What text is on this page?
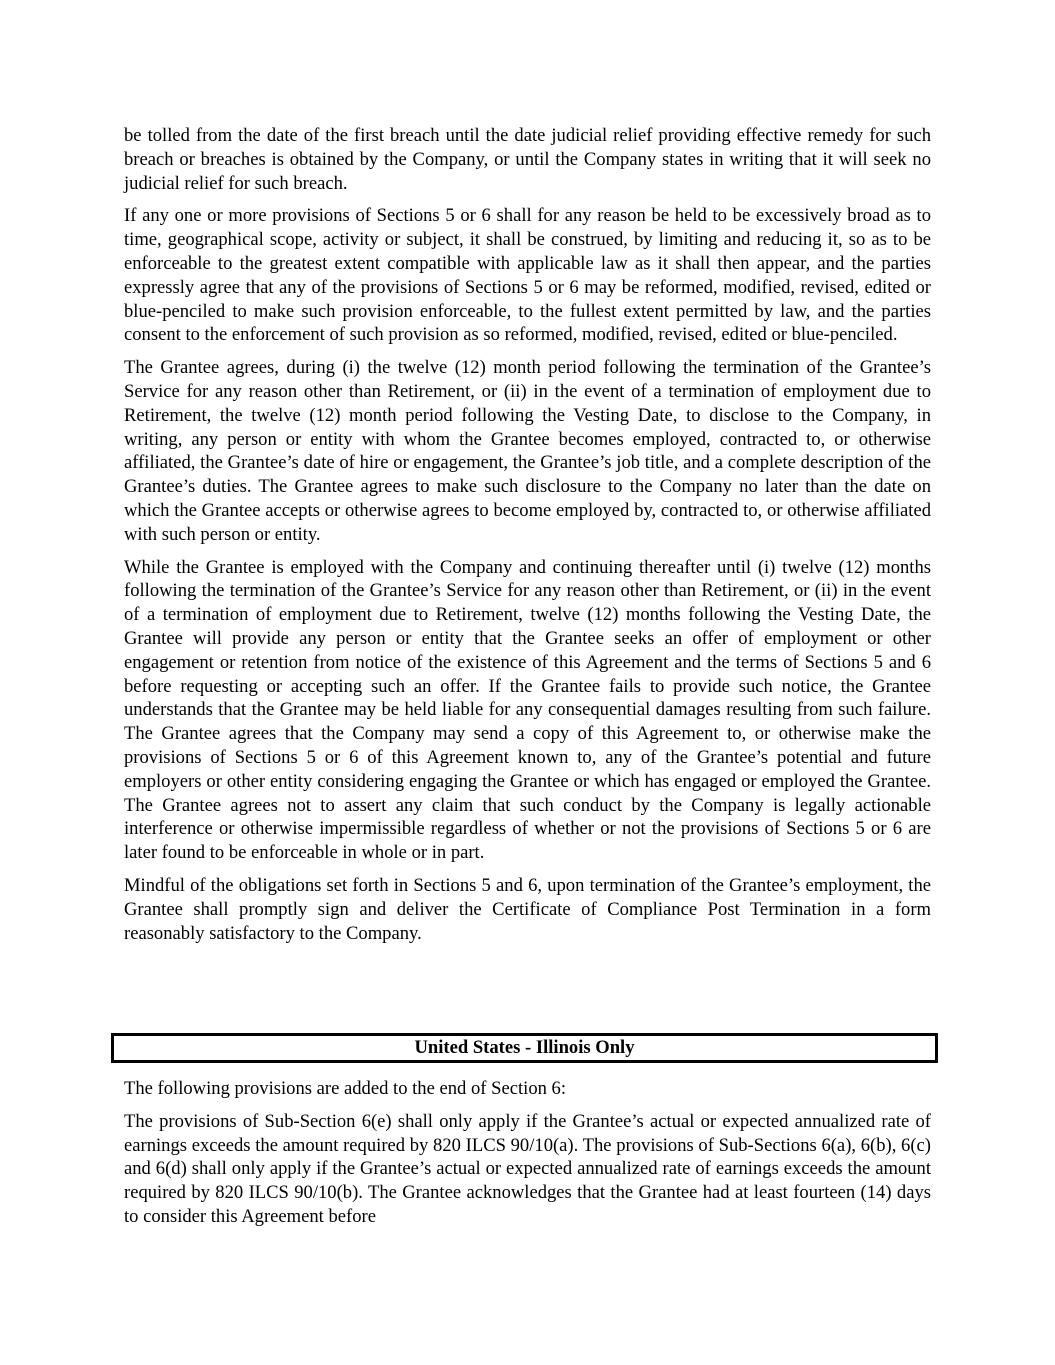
be tolled from the date of the first breach until the date judicial relief providing effective remedy for such breach or breaches is obtained by the Company, or until the Company states in writing that it will seek no judicial relief for such breach.

If any one or more provisions of Sections 5 or 6 shall for any reason be held to be excessively broad as to time, geographical scope, activity or subject, it shall be construed, by limiting and reducing it, so as to be enforceable to the greatest extent compatible with applicable law as it shall then appear, and the parties expressly agree that any of the provisions of Sections 5 or 6 may be reformed, modified, revised, edited or blue-penciled to make such provision enforceable, to the fullest extent permitted by law, and the parties consent to the enforcement of such provision as so reformed, modified, revised, edited or blue-penciled.

The Grantee agrees, during (i) the twelve (12) month period following the termination of the Grantee’s Service for any reason other than Retirement, or (ii) in the event of a termination of employment due to Retirement, the twelve (12) month period following the Vesting Date, to disclose to the Company, in writing, any person or entity with whom the Grantee becomes employed, contracted to, or otherwise affiliated, the Grantee’s date of hire or engagement, the Grantee’s job title, and a complete description of the Grantee’s duties. The Grantee agrees to make such disclosure to the Company no later than the date on which the Grantee accepts or otherwise agrees to become employed by, contracted to, or otherwise affiliated with such person or entity.

While the Grantee is employed with the Company and continuing thereafter until (i) twelve (12) months following the termination of the Grantee’s Service for any reason other than Retirement, or (ii) in the event of a termination of employment due to Retirement, twelve (12) months following the Vesting Date, the Grantee will provide any person or entity that the Grantee seeks an offer of employment or other engagement or retention from notice of the existence of this Agreement and the terms of Sections 5 and 6 before requesting or accepting such an offer. If the Grantee fails to provide such notice, the Grantee understands that the Grantee may be held liable for any consequential damages resulting from such failure. The Grantee agrees that the Company may send a copy of this Agreement to, or otherwise make the provisions of Sections 5 or 6 of this Agreement known to, any of the Grantee’s potential and future employers or other entity considering engaging the Grantee or which has engaged or employed the Grantee. The Grantee agrees not to assert any claim that such conduct by the Company is legally actionable interference or otherwise impermissible regardless of whether or not the provisions of Sections 5 or 6 are later found to be enforceable in whole or in part.

Mindful of the obligations set forth in Sections 5 and 6, upon termination of the Grantee’s employment, the Grantee shall promptly sign and deliver the Certificate of Compliance Post Termination in a form reasonably satisfactory to the Company.

United States - Illinois Only

The following provisions are added to the end of Section 6:

The provisions of Sub-Section 6(e) shall only apply if the Grantee’s actual or expected annualized rate of earnings exceeds the amount required by 820 ILCS 90/10(a). The provisions of Sub-Sections 6(a), 6(b), 6(c) and 6(d) shall only apply if the Grantee’s actual or expected annualized rate of earnings exceeds the amount required by 820 ILCS 90/10(b). The Grantee acknowledges that the Grantee had at least fourteen (14) days to consider this Agreement before
